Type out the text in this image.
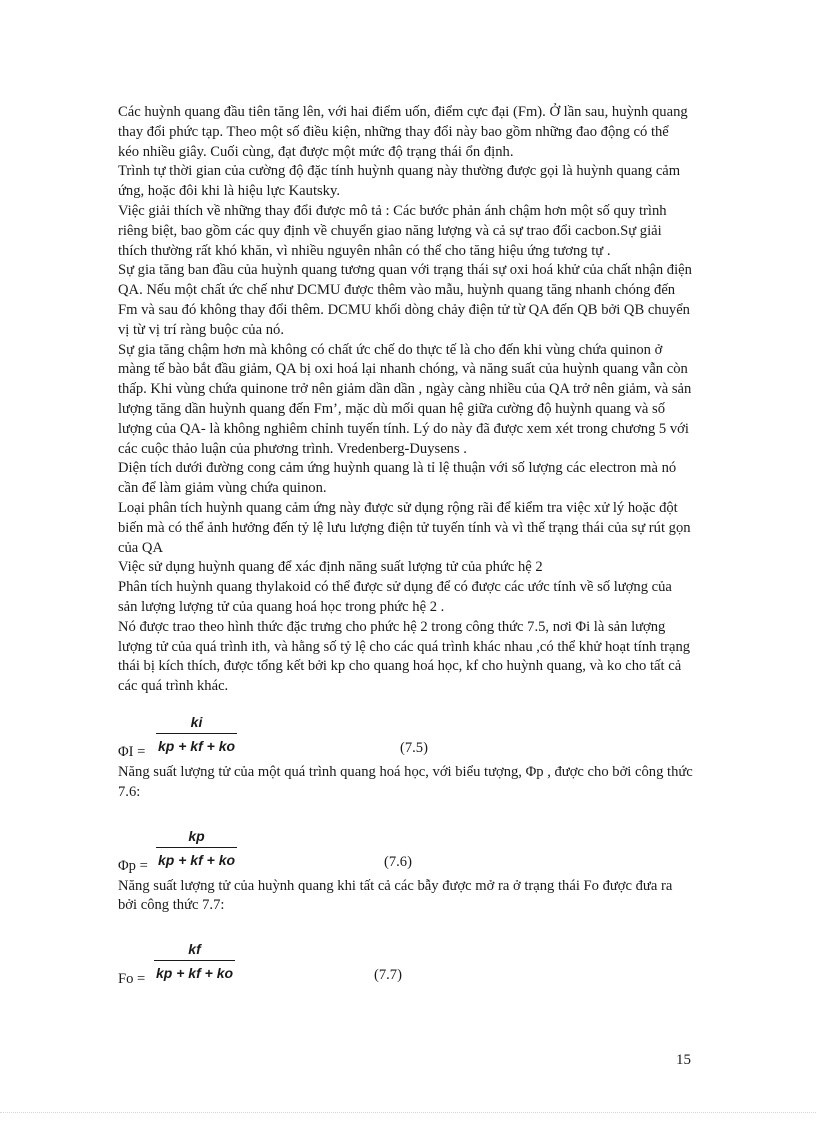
Các huỳnh quang đầu tiên tăng lên, với hai điểm uốn, điểm cực đại (Fm). Ở lần sau, huỳnh quang thay đổi phức tạp. Theo một số điều kiện, những thay đổi này bao gồm những đao động có thể kéo nhiều giây. Cuối cùng, đạt được một mức độ trạng thái ổn định.

Trình tự thời gian của cường độ đặc tính huỳnh quang này thường được gọi là huỳnh quang cảm ứng, hoặc đôi khi là hiệu lực Kautsky.

Việc giải thích về những thay đổi được mô tả : Các bước phản ánh chậm hơn một số quy trình riêng biệt, bao gồm các quy định về chuyển giao năng lượng và cả sự trao đổi cacbon.Sự giải thích thường rất khó khăn, vì nhiều nguyên nhân có thể cho tăng hiệu ứng tương tự .

Sự gia tăng ban đầu của huỳnh quang tương quan với trạng thái sự oxi hoá khử của chất nhận điện QA. Nếu một chất ức chế như DCMU được thêm vào mẫu, huỳnh quang tăng nhanh chóng đến Fm và sau đó không thay đổi thêm. DCMU khối dòng chảy điện tử từ QA đến QB bởi QB chuyển vị từ vị trí ràng buộc của nó.

Sự gia tăng chậm hơn mà không có chất ức chế do thực tế là cho đến khi vùng chứa quinon ở màng tế bào bắt đầu giảm, QA bị oxi hoá lại nhanh chóng, và năng suất của huỳnh quang vẫn còn thấp. Khi vùng chứa quinone trở nên giảm dần dần , ngày càng nhiều của QA trở nên giảm, và sản lượng tăng dần huỳnh quang đến Fm’, mặc dù mối quan hệ giữa cường độ huỳnh quang và số lượng của QA- là không nghiêm chỉnh tuyến tính. Lý do này đã được xem xét trong chương 5 với các cuộc thảo luận của phương trình. Vredenberg-Duysens .

Diện tích dưới đường cong cảm ứng huỳnh quang là tỉ lệ thuận với số lượng các electron mà nó cần để làm giảm vùng chứa quinon.

Loại phân tích huỳnh quang cảm ứng này được sử dụng rộng rãi để kiểm tra việc xử lý hoặc đột biến mà có thể ảnh hưởng đến tỷ lệ lưu lượng điện tử tuyến tính và vì thế trạng thái của sự rút gọn của QA

Việc sử dụng huỳnh quang để xác định năng suất lượng tử của phức hệ 2

Phân tích huỳnh quang thylakoid có thể được sử dụng để có được các ước tính về số lượng của sản lượng lượng tử của quang hoá học trong phức hệ 2 .

Nó được trao theo hình thức đặc trưng cho phức hệ 2 trong công thức 7.5, nơi Φi là sản lượng lượng tử của quá trình ith, và hằng số tỷ lệ cho các quá trình khác nhau ,có thể khử hoạt tính trạng thái bị kích thích, được tổng kết bởi kp cho quang hoá học, kf cho huỳnh quang, và ko cho tất cả các quá trình khác.

ΦI =
ki
kp + kf + ko	(7.5)

Năng suất lượng tử của một quá trình quang hoá học, với biểu tượng, Φp , được cho bởi công thức 7.6:

Φp =
kp
kp + kf + ko	(7.6)

Năng suất lượng tử của huỳnh quang khi tất cả các bẫy được mở ra ở trạng thái Fo được đưa ra bởi công thức 7.7:

Fo =
kf
kp + kf + ko	(7.7)
15
